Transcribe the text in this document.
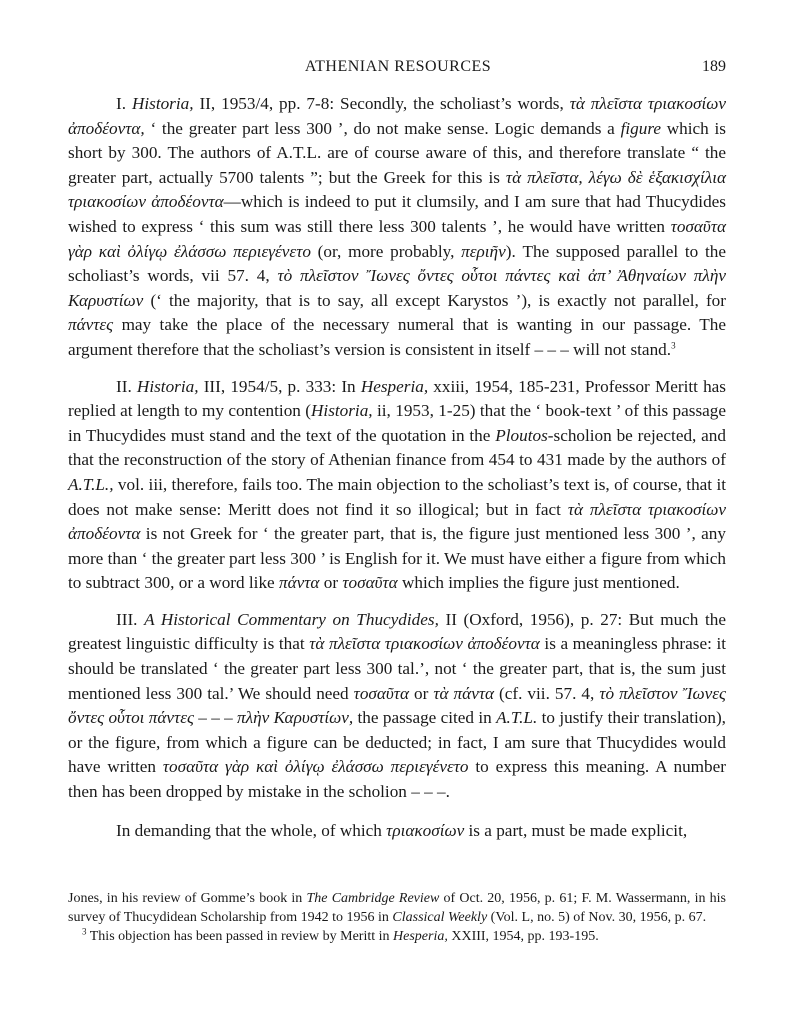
ATHENIAN RESOURCES	189

I. Historia, II, 1953/4, pp. 7-8: Secondly, the scholiast’s words, τὰ πλεῖστα τριακοσίων ἀποδέοντα, ‘ the greater part less 300 ’, do not make sense. Logic demands a figure which is short by 300. The authors of A.T.L. are of course aware of this, and therefore translate “ the greater part, actually 5700 talents ”; but the Greek for this is τὰ πλεῖστα, λέγω δὲ ἑξακισχίλια τριακοσίων ἀποδέοντα—which is indeed to put it clumsily, and I am sure that had Thucydides wished to express ‘ this sum was still there less 300 talents ’, he would have written τοσαῦτα γὰρ καὶ ὀλίγῳ ἐλάσσω περιεγένετο (or, more probably, περιῆν). The supposed parallel to the scholiast’s words, vii 57. 4, τὸ πλεῖστον Ἴωνες ὄντες οὗτοι πάντες καὶ ἀπ’ Ἀθηναίων πλὴν Καρυστίων (‘ the majority, that is to say, all except Karystos ’), is exactly not parallel, for πάντες may take the place of the necessary numeral that is wanting in our passage. The argument therefore that the scholiast’s version is consistent in itself – – – will not stand.$^3$

II. Historia, III, 1954/5, p. 333: In Hesperia, xxiii, 1954, 185-231, Professor Meritt has replied at length to my contention (Historia, ii, 1953, 1-25) that the ‘ book-text ’ of this passage in Thucydides must stand and the text of the quotation in the Ploutos-scholion be rejected, and that the reconstruction of the story of Athenian finance from 454 to 431 made by the authors of A.T.L., vol. iii, therefore, fails too. The main objection to the scholiast’s text is, of course, that it does not make sense: Meritt does not find it so illogical; but in fact τὰ πλεῖστα τριακοσίων ἀποδέοντα is not Greek for ‘ the greater part, that is, the figure just mentioned less 300 ’, any more than ‘ the greater part less 300 ’ is English for it. We must have either a figure from which to subtract 300, or a word like πάντα or τοσαῦτα which implies the figure just mentioned.

III. A Historical Commentary on Thucydides, II (Oxford, 1956), p. 27: But much the greatest linguistic difficulty is that τὰ πλεῖστα τριακοσίων ἀποδέοντα is a meaningless phrase: it should be translated ‘ the greater part less 300 tal.’, not ‘ the greater part, that is, the sum just mentioned less 300 tal.’ We should need τοσαῦτα or τὰ πάντα (cf. vii. 57. 4, τὸ πλεῖστον Ἴωνες ὄντες οὗτοι πάντες – – – πλὴν Καρυστίων, the passage cited in A.T.L. to justify their translation), or the figure, from which a figure can be deducted; in fact, I am sure that Thucydides would have written τοσαῦτα γὰρ καὶ ὀλίγῳ ἐλάσσω περιεγένετο to express this meaning. A number then has been dropped by mistake in the scholion – – –.

In demanding that the whole, of which τριακοσίων is a part, must be made explicit,

Jones, in his review of Gomme’s book in The Cambridge Review of Oct. 20, 1956, p. 61; F. M. Wassermann, in his survey of Thucydidean Scholarship from 1942 to 1956 in Classical Weekly (Vol. L, no. 5) of Nov. 30, 1956, p. 67.

$^3$ This objection has been passed in review by Meritt in Hesperia, XXIII, 1954, pp. 193-195.
